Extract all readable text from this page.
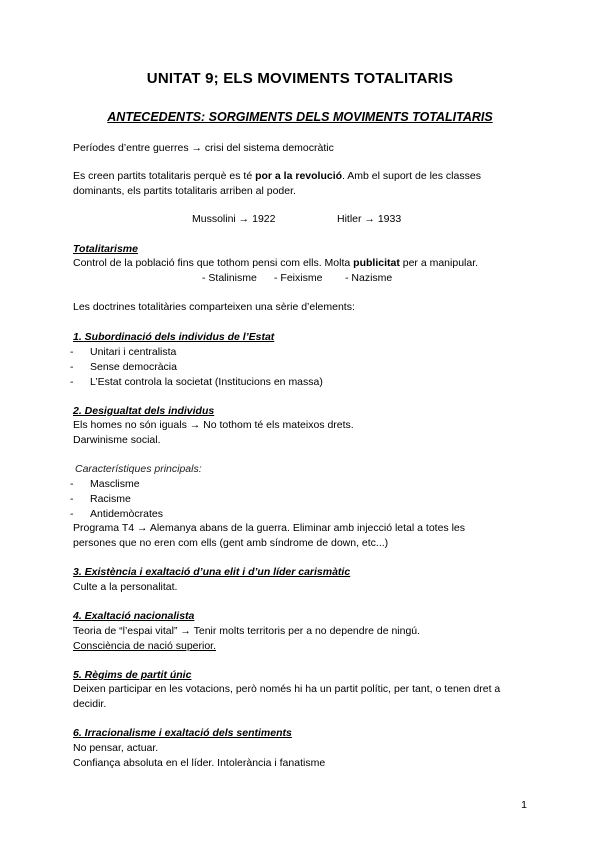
UNITAT 9; ELS MOVIMENTS TOTALITARIS
ANTECEDENTS: SORGIMENTS DELS MOVIMENTS TOTALITARIS
Períodes d’entre guerres → crisi del sistema democràtic
Es creen partits totalitaris perquè es té por a la revolució. Amb el suport de les classes
dominants, els partits totalitaris arriben al poder.
Mussolini → 1922	Hitler → 1933
Totalitarisme
Control de la població fins que tothom pensi com ells. Molta publicitat per a manipular.
- Stalinisme - Feixisme - Nazisme
Les doctrines totalitàries comparteixen una sèrie d’elements:
1. Subordinació dels individus de l’Estat
- Unitari i centralista
- Sense democràcia
- L’Estat controla la societat (Institucions en massa)
2. Desigualtat dels individus
Els homes no són iguals → No tothom té els mateixos drets.
Darwinisme social.
Característiques principals:
- Masclisme
- Racisme
- Antidemòcrates
Programa T4 → Alemanya abans de la guerra. Eliminar amb injecció letal a totes les
persones que no eren com ells (gent amb síndrome de down, etc...)
3. Existència i exaltació d’una elit i d’un líder carismàtic
Culte a la personalitat.
4. Exaltació nacionalista
Teoria de “l’espai vital” → Tenir molts territoris per a no dependre de ningú.
Consciència de nació superior.
5. Règims de partit únic
Deixen participar en les votacions, però només hi ha un partit polític, per tant, o tenen dret a
decidir.
6. Irracionalisme i exaltació dels sentiments
No pensar, actuar.
Confiança absoluta en el líder. Intolerància i fanatisme
1
